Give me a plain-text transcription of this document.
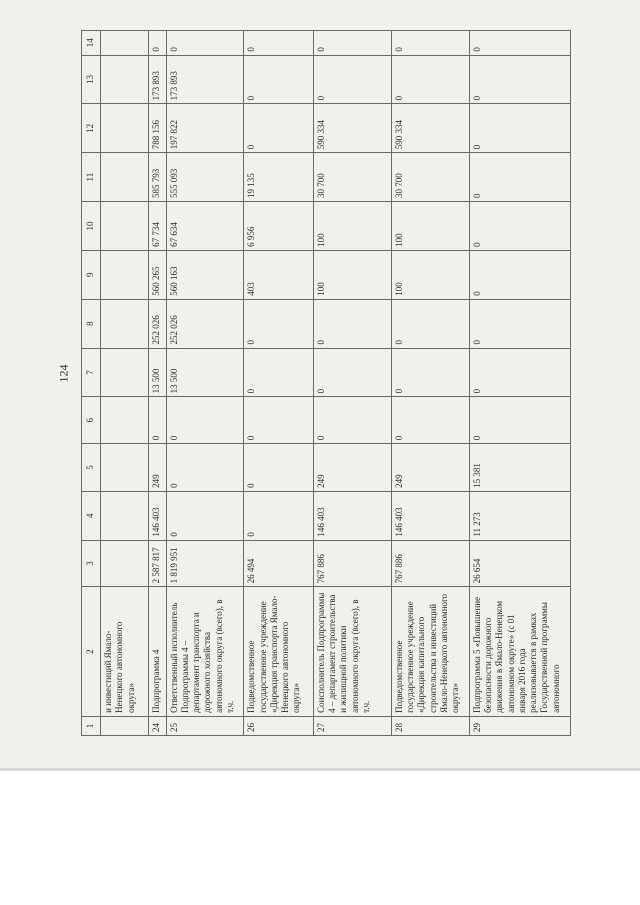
124
1	2	3	4	5	6	7	8	9	10	11	12	13	14
	и инвестиций Ямало-Ненецкого автономного округа»												
24	Подпрограмма 4	2 587 817	146 403	249	0	13 500	252 026	560 265	67 734	585 793	788 156	173 893	0
25	Ответственный исполнитель Подпрограммы 4 – департамент транспорта и дорожного хозяйства автономного округа (всего), в т.ч.	1 819 951	0	0	0	13 500	252 026	560 163	67 634	555 093	197 822	173 893	0
26	Подведомственное государственное учреждение «Дирекция транспорта Ямало-Ненецкого автономного округа»	26 494	0	0	0	0	0	403	6 956	19 135	0	0	0
27	Соисполнитель Подпрограммы 4 – департамент строительства и жилищной политики автономного округа (всего), в т.ч.	767 886	146 403	249	0	0	0	100	100	30 700	590 334	0	0
28	Подведомственное государственное учреждение «Дирекция капитального строительства и инвестиций Ямало-Ненецкого автономного округа»	767 886	146 403	249	0	0	0	100	100	30 700	590 334	0	0
29	Подпрограмма 5 «Повышение безопасности дорожного движения в Ямало-Ненецком автономном округе» (с 01 января 2016 года реализовывается в рамках Государственной программы автономного	26 654	11 273	15 381	0	0	0	0	0	0	0	0	0
